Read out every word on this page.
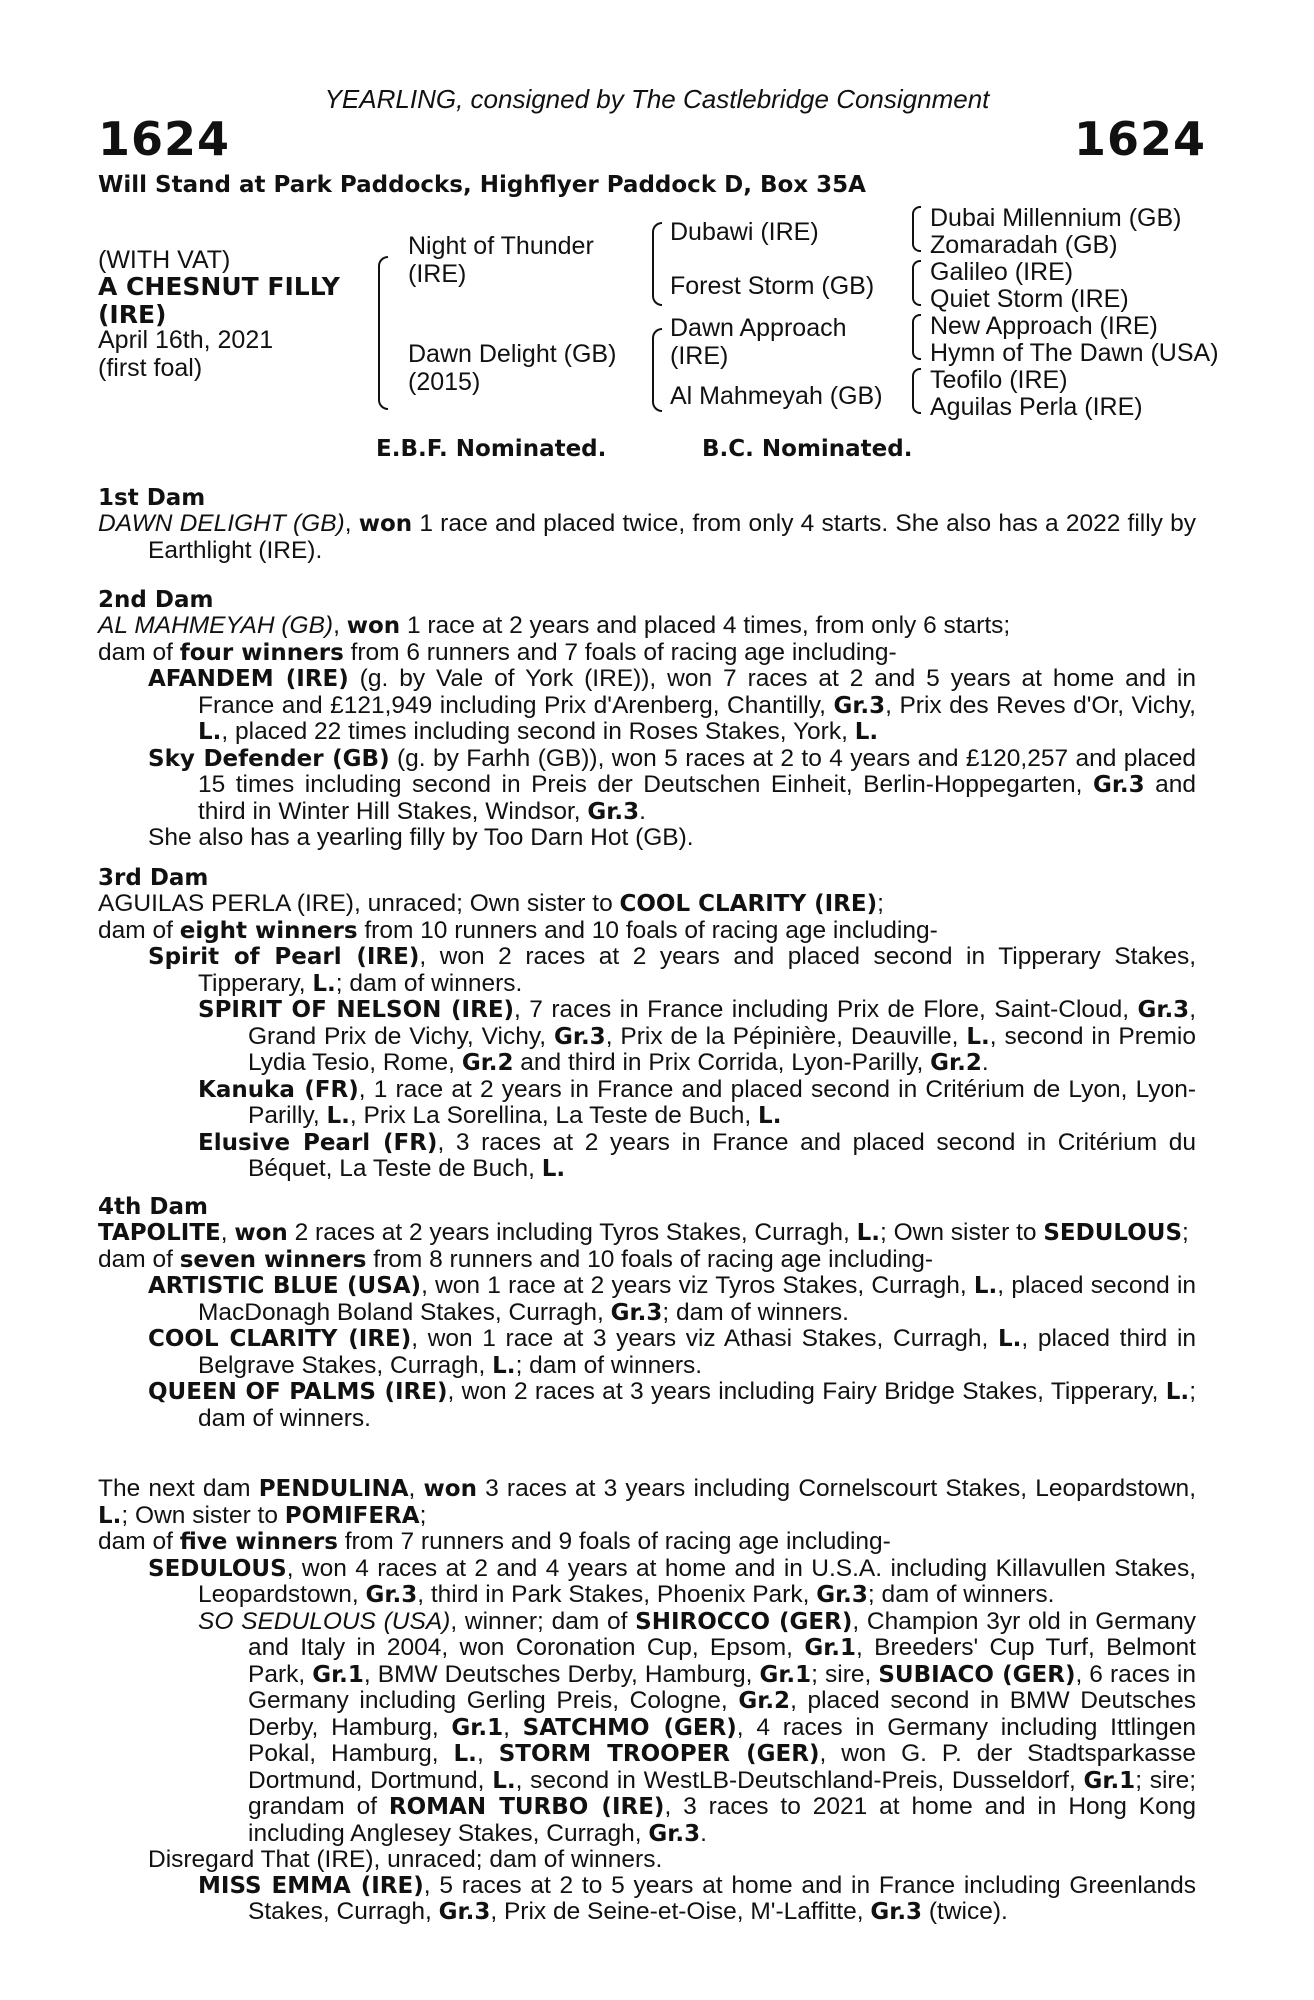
YEARLING, consigned by The Castlebridge Consignment
1624	1624
Will Stand at Park Paddocks, Highflyer Paddock D, Box 35A
(WITH VAT)
A CHESNUT FILLY
(IRE)
April 16th, 2021
(first foal)
Night of Thunder
(IRE)
Dawn Delight (GB)
(2015)
Dubawi (IRE)
Forest Storm (GB)
Dawn Approach
(IRE)
Al Mahmeyah (GB)
Dubai Millennium (GB)
Zomaradah (GB)
Galileo (IRE)
Quiet Storm (IRE)
New Approach (IRE)
Hymn of The Dawn (USA)
Teofilo (IRE)
Aguilas Perla (IRE)
E.B.F. Nominated.	B.C. Nominated.

1st Dam

DAWN DELIGHT (GB), won 1 race and placed twice, from only 4 starts. She also has a 2022 filly by Earthlight (IRE).

2nd Dam

AL MAHMEYAH (GB), won 1 race at 2 years and placed 4 times, from only 6 starts;

dam of four winners from 6 runners and 7 foals of racing age including-

AFANDEM (IRE) (g. by Vale of York (IRE)), won 7 races at 2 and 5 years at home and in France and £121,949 including Prix d'Arenberg, Chantilly, Gr.3, Prix des Reves d'Or, Vichy, L., placed 22 times including second in Roses Stakes, York, L.

Sky Defender (GB) (g. by Farhh (GB)), won 5 races at 2 to 4 years and £120,257 and placed 15 times including second in Preis der Deutschen Einheit, Berlin-Hoppegarten, Gr.3 and third in Winter Hill Stakes, Windsor, Gr.3.

She also has a yearling filly by Too Darn Hot (GB).

3rd Dam

AGUILAS PERLA (IRE), unraced; Own sister to COOL CLARITY (IRE);

dam of eight winners from 10 runners and 10 foals of racing age including-

Spirit of Pearl (IRE), won 2 races at 2 years and placed second in Tipperary Stakes, Tipperary, L.; dam of winners.

SPIRIT OF NELSON (IRE), 7 races in France including Prix de Flore, Saint-Cloud, Gr.3, Grand Prix de Vichy, Vichy, Gr.3, Prix de la Pépinière, Deauville, L., second in Premio Lydia Tesio, Rome, Gr.2 and third in Prix Corrida, Lyon-Parilly, Gr.2.

Kanuka (FR), 1 race at 2 years in France and placed second in Critérium de Lyon, Lyon-Parilly, L., Prix La Sorellina, La Teste de Buch, L.

Elusive Pearl (FR), 3 races at 2 years in France and placed second in Critérium du Béquet, La Teste de Buch, L.

4th Dam

TAPOLITE, won 2 races at 2 years including Tyros Stakes, Curragh, L.; Own sister to SEDULOUS;

dam of seven winners from 8 runners and 10 foals of racing age including-

ARTISTIC BLUE (USA), won 1 race at 2 years viz Tyros Stakes, Curragh, L., placed second in MacDonagh Boland Stakes, Curragh, Gr.3; dam of winners.

COOL CLARITY (IRE), won 1 race at 3 years viz Athasi Stakes, Curragh, L., placed third in Belgrave Stakes, Curragh, L.; dam of winners.

QUEEN OF PALMS (IRE), won 2 races at 3 years including Fairy Bridge Stakes, Tipperary, L.; dam of winners.

The next dam PENDULINA, won 3 races at 3 years including Cornelscourt Stakes, Leopardstown, L.; Own sister to POMIFERA;

dam of five winners from 7 runners and 9 foals of racing age including-

SEDULOUS, won 4 races at 2 and 4 years at home and in U.S.A. including Killavullen Stakes, Leopardstown, Gr.3, third in Park Stakes, Phoenix Park, Gr.3; dam of winners.

SO SEDULOUS (USA), winner; dam of SHIROCCO (GER), Champion 3yr old in Germany and Italy in 2004, won Coronation Cup, Epsom, Gr.1, Breeders' Cup Turf, Belmont Park, Gr.1, BMW Deutsches Derby, Hamburg, Gr.1; sire, SUBIACO (GER), 6 races in Germany including Gerling Preis, Cologne, Gr.2, placed second in BMW Deutsches Derby, Hamburg, Gr.1, SATCHMO (GER), 4 races in Germany including Ittlingen Pokal, Hamburg, L., STORM TROOPER (GER), won G. P. der Stadtsparkasse Dortmund, Dortmund, L., second in WestLB-Deutschland-Preis, Dusseldorf, Gr.1; sire; grandam of ROMAN TURBO (IRE), 3 races to 2021 at home and in Hong Kong including Anglesey Stakes, Curragh, Gr.3.

Disregard That (IRE), unraced; dam of winners.

MISS EMMA (IRE), 5 races at 2 to 5 years at home and in France including Greenlands Stakes, Curragh, Gr.3, Prix de Seine-et-Oise, M'-Laffitte, Gr.3 (twice).
